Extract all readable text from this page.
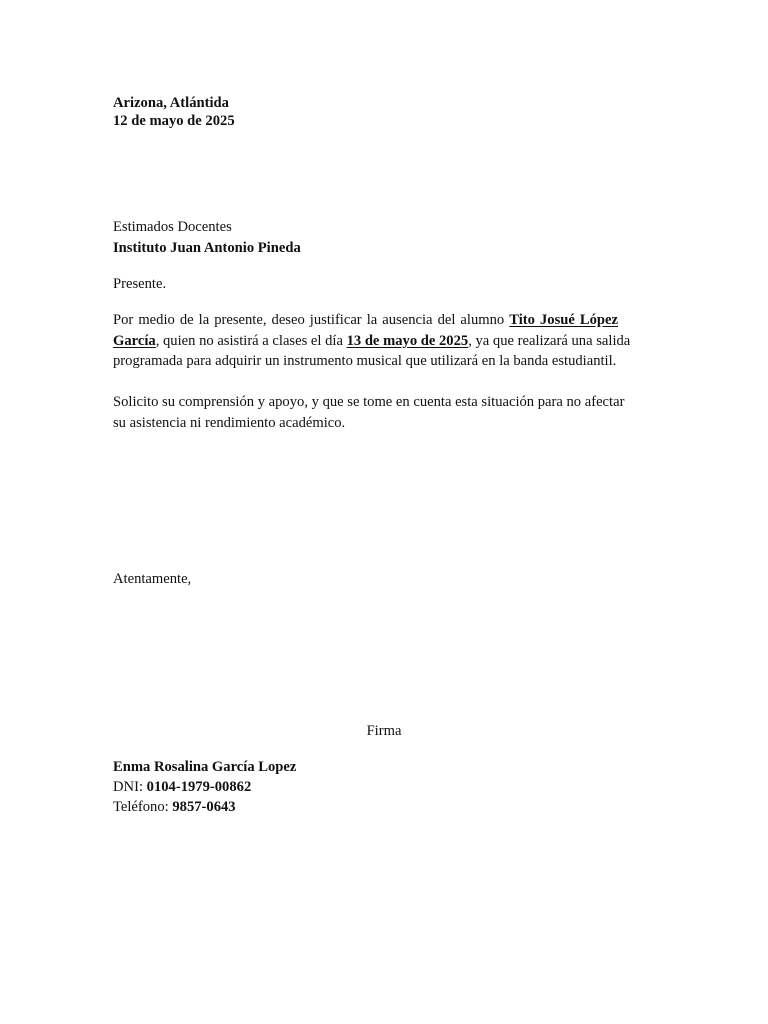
Arizona, Atlántida
12 de mayo de 2025
Estimados Docentes
Instituto Juan Antonio Pineda
Presente.
Por medio de la presente, deseo justificar la ausencia del alumno Tito Josué López
García, quien no asistirá a clases el día 13 de mayo de 2025, ya que realizará una salida
programada para adquirir un instrumento musical que utilizará en la banda estudiantil.
Solicito su comprensión y apoyo, y que se tome en cuenta esta situación para no afectar
su asistencia ni rendimiento académico.
Atentamente,
Firma
Enma Rosalina García Lopez
DNI: 0104-1979-00862
Teléfono: 9857-0643
